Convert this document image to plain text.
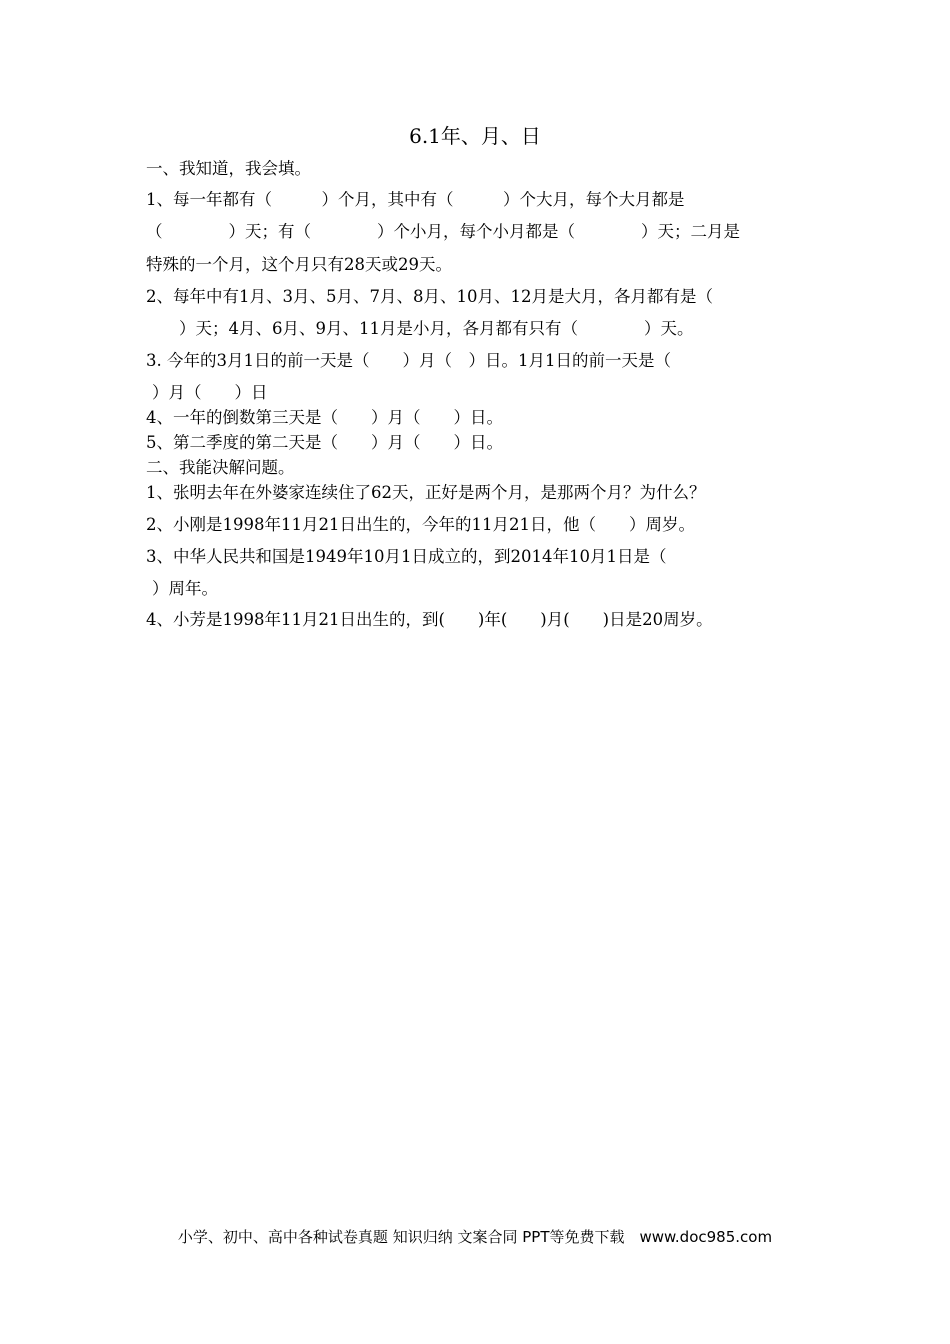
6.1年、月、日
一、我知道，我会填。
1、每一年都有（　　　）个月，其中有（　　　）个大月，每个大月都是
（　　　　）天；有（　　　　）个小月，每个小月都是（　　　　）天；二月是
特殊的一个月，这个月只有28天或29天。
2、每年中有1月、3月、5月、7月、8月、10月、12月是大月，各月都有是（
　　）天；4月、6月、9月、11月是小月，各月都有只有（　　　　）天。
3. 今年的3月1日的前一天是（　　）月（　）日。1月1日的前一天是（
）月（　　）日
4、一年的倒数第三天是（　　）月（　　）日。
5、第二季度的第二天是（　　）月（　　）日。
二、我能决解问题。
1、张明去年在外婆家连续住了62天，正好是两个月，是那两个月？为什么？
2、小刚是1998年11月21日出生的，今年的11月21日，他（　　）周岁。
3、中华人民共和国是1949年10月1日成立的，到2014年10月1日是（
）周年。
4、小芳是1998年11月21日出生的，到(　　)年(　　)月(　　)日是20周岁。
小学、初中、高中各种试卷真题 知识归纳 文案合同 PPT等免费下载　www.doc985.com
